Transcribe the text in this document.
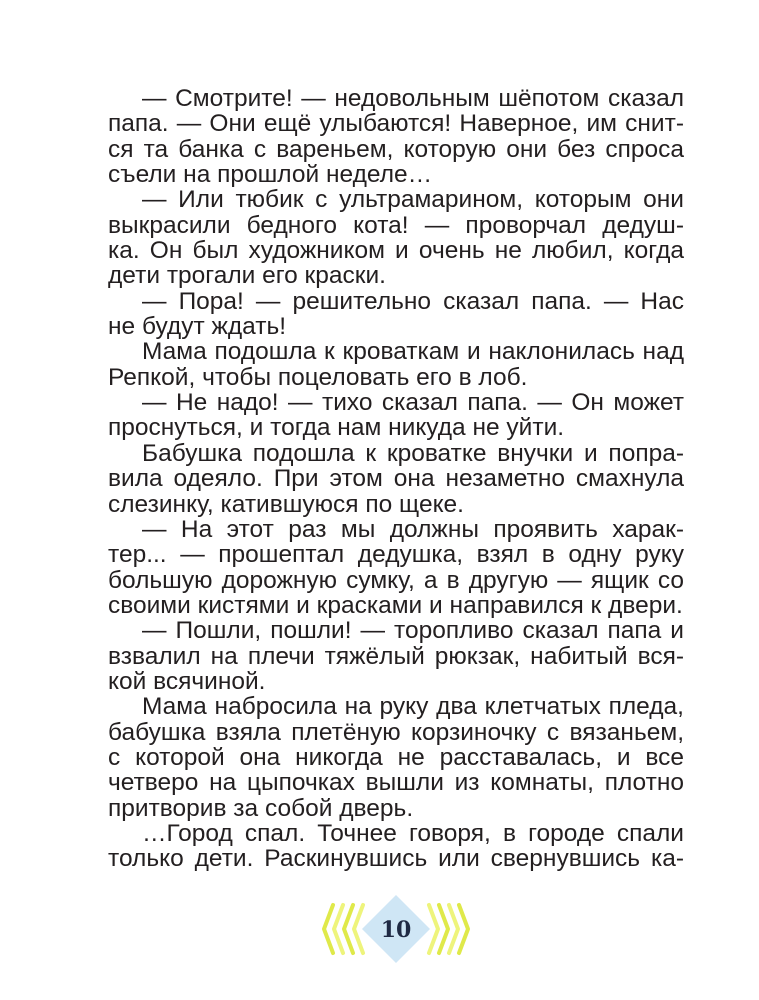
— Смотрите! — недовольным шёпотом сказал
папа. — Они ещё улыбаются! Наверное, им снит-
ся та банка с вареньем, которую они без спроса
съели на прошлой неделе…
— Или тюбик с ультрамарином, которым они
выкрасили бедного кота! — проворчал дедуш-
ка. Он был художником и очень не любил, когда
дети трогали его краски.
— Пора! — решительно сказал папа. — Нас
не будут ждать!
Мама подошла к кроваткам и наклонилась над
Репкой, чтобы поцеловать его в лоб.
— Не надо! — тихо сказал папа. — Он может
проснуться, и тогда нам никуда не уйти.
Бабушка подошла к кроватке внучки и попра-
вила одеяло. При этом она незаметно смахнула
слезинку, катившуюся по щеке.
— На этот раз мы должны проявить харак-
тер... — прошептал дедушка, взял в одну руку
большую дорожную сумку, а в другую — ящик со
своими кистями и красками и направился к двери.
— Пошли, пошли! — торопливо сказал папа и
взвалил на плечи тяжёлый рюкзак, набитый вся-
кой всячиной.
Мама набросила на руку два клетчатых пледа,
бабушка взяла плетёную корзиночку с вязаньем,
с которой она никогда не расставалась, и все
четверо на цыпочках вышли из комнаты, плотно
притворив за собой дверь.
…Город спал. Точнее говоря, в городе спали
только дети. Раскинувшись или свернувшись ка-
10
